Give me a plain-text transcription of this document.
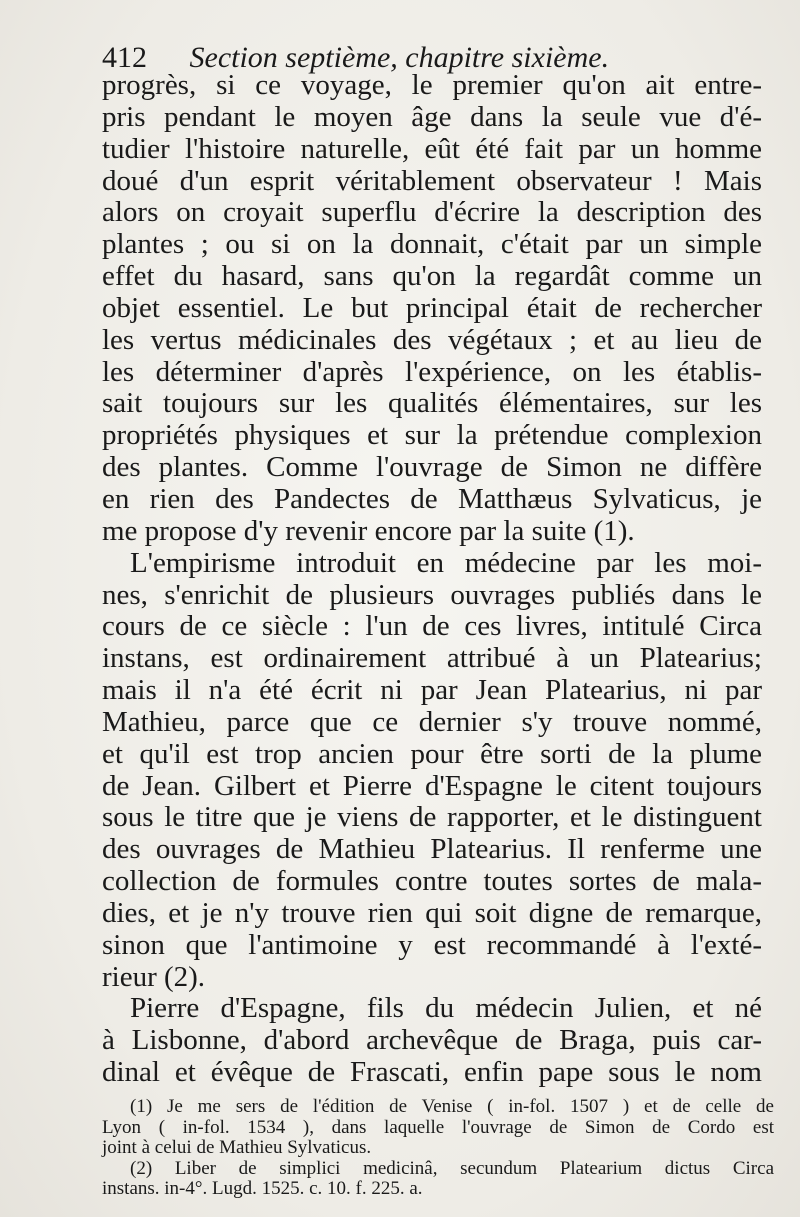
412 Section septième, chapitre sixième.
progrès, si ce voyage, le premier qu'on ait entre-
pris pendant le moyen âge dans la seule vue d'é-
tudier l'histoire naturelle, eût été fait par un homme
doué d'un esprit véritablement observateur ! Mais
alors on croyait superflu d'écrire la description des
plantes ; ou si on la donnait, c'était par un simple
effet du hasard, sans qu'on la regardât comme un
objet essentiel. Le but principal était de rechercher
les vertus médicinales des végétaux ; et au lieu de
les déterminer d'après l'expérience, on les établis-
sait toujours sur les qualités élémentaires, sur les
propriétés physiques et sur la prétendue complexion
des plantes. Comme l'ouvrage de Simon ne diffère
en rien des Pandectes de Matthæus Sylvaticus, je
me propose d'y revenir encore par la suite (1).
L'empirisme introduit en médecine par les moi-
nes, s'enrichit de plusieurs ouvrages publiés dans le
cours de ce siècle : l'un de ces livres, intitulé Circa
instans, est ordinairement attribué à un Platearius;
mais il n'a été écrit ni par Jean Platearius, ni par
Mathieu, parce que ce dernier s'y trouve nommé,
et qu'il est trop ancien pour être sorti de la plume
de Jean. Gilbert et Pierre d'Espagne le citent toujours
sous le titre que je viens de rapporter, et le distinguent
des ouvrages de Mathieu Platearius. Il renferme une
collection de formules contre toutes sortes de mala-
dies, et je n'y trouve rien qui soit digne de remarque,
sinon que l'antimoine y est recommandé à l'exté-
rieur (2).
Pierre d'Espagne, fils du médecin Julien, et né
à Lisbonne, d'abord archevêque de Braga, puis car-
dinal et évêque de Frascati, enfin pape sous le nom
(1) Je me sers de l'édition de Venise ( in-fol. 1507 ) et de celle de
Lyon ( in-fol. 1534 ), dans laquelle l'ouvrage de Simon de Cordo est
joint à celui de Mathieu Sylvaticus.
(2) Liber de simplici medicinâ, secundum Platearium dictus Circa
instans. in-4°. Lugd. 1525. c. 10. f. 225. a.
